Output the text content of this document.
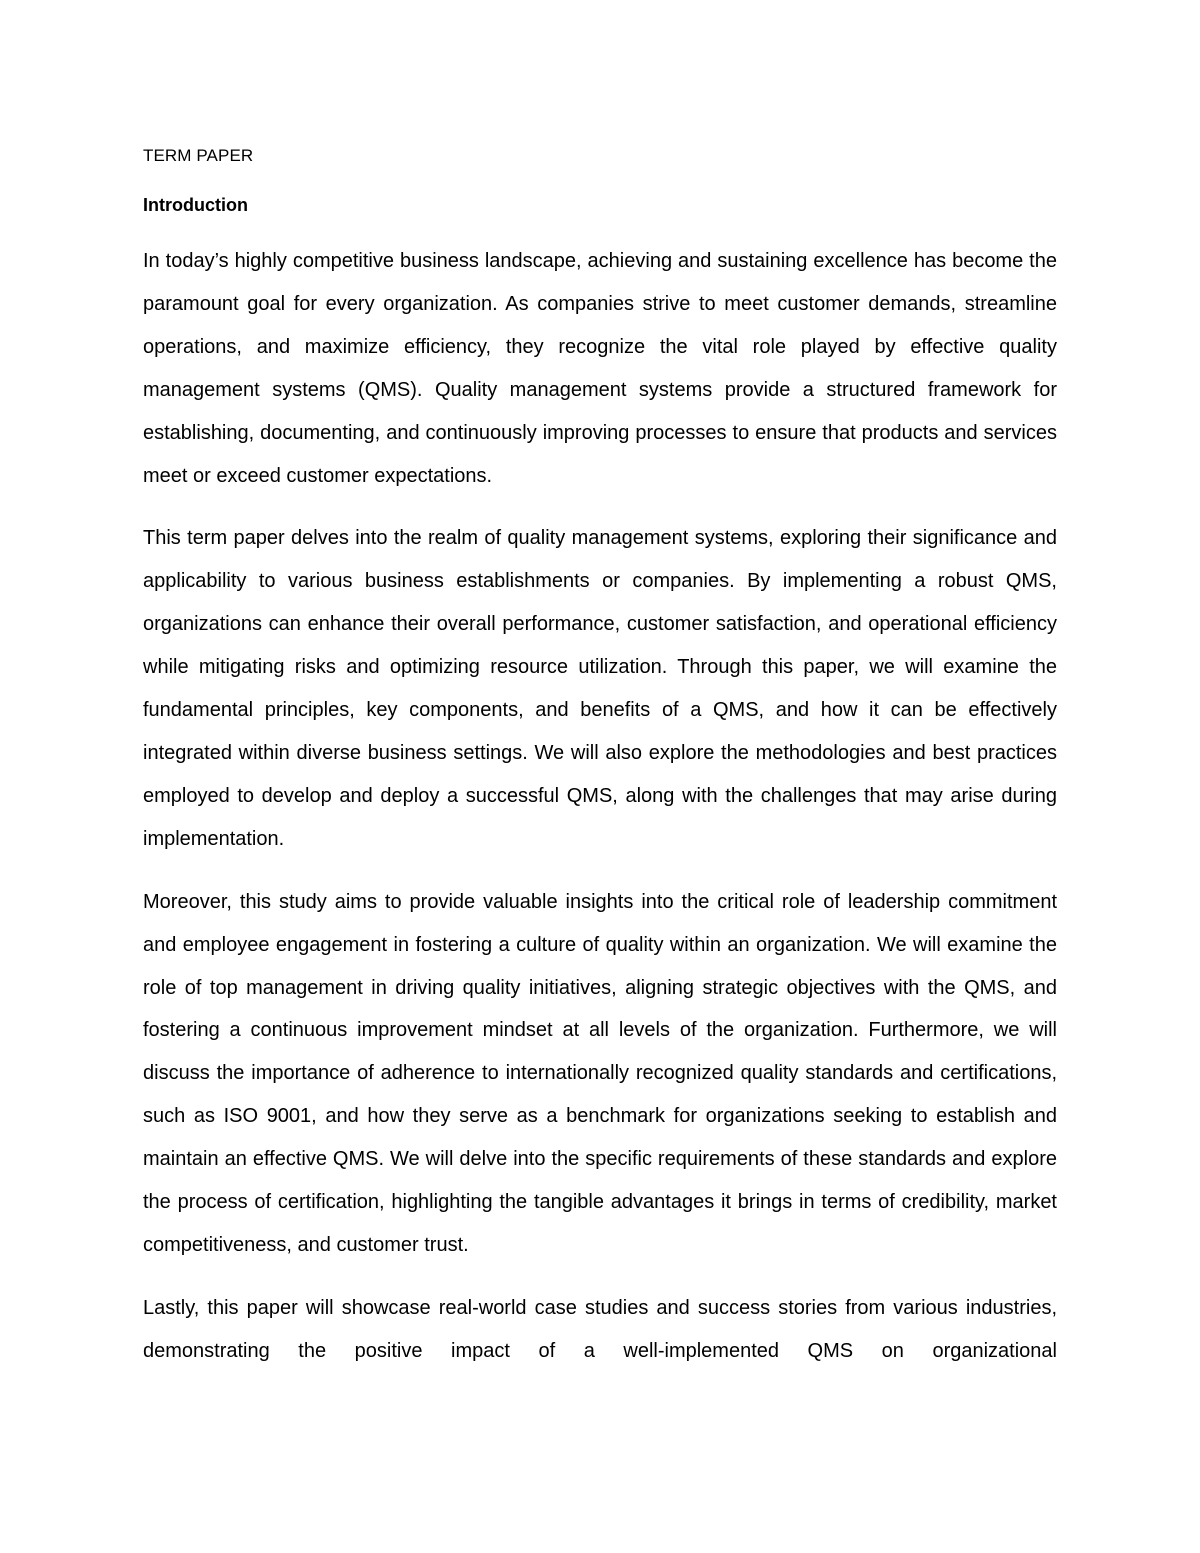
TERM PAPER
Introduction

In today’s highly competitive business landscape, achieving and sustaining excellence has become the paramount goal for every organization. As companies strive to meet customer demands, streamline operations, and maximize efficiency, they recognize the vital role played by effective quality management systems (QMS). Quality management systems provide a structured framework for establishing, documenting, and continuously improving processes to ensure that products and services meet or exceed customer expectations.

This term paper delves into the realm of quality management systems, exploring their significance and applicability to various business establishments or companies. By implementing a robust QMS, organizations can enhance their overall performance, customer satisfaction, and operational efficiency while mitigating risks and optimizing resource utilization. Through this paper, we will examine the fundamental principles, key components, and benefits of a QMS, and how it can be effectively integrated within diverse business settings. We will also explore the methodologies and best practices employed to develop and deploy a successful QMS, along with the challenges that may arise during implementation.

Moreover, this study aims to provide valuable insights into the critical role of leadership commitment and employee engagement in fostering a culture of quality within an organization. We will examine the role of top management in driving quality initiatives, aligning strategic objectives with the QMS, and fostering a continuous improvement mindset at all levels of the organization. Furthermore, we will discuss the importance of adherence to internationally recognized quality standards and certifications, such as ISO 9001, and how they serve as a benchmark for organizations seeking to establish and maintain an effective QMS. We will delve into the specific requirements of these standards and explore the process of certification, highlighting the tangible advantages it brings in terms of credibility, market competitiveness, and customer trust.

Lastly, this paper will showcase real-world case studies and success stories from various industries, demonstrating the positive impact of a well-implemented QMS on organizational
